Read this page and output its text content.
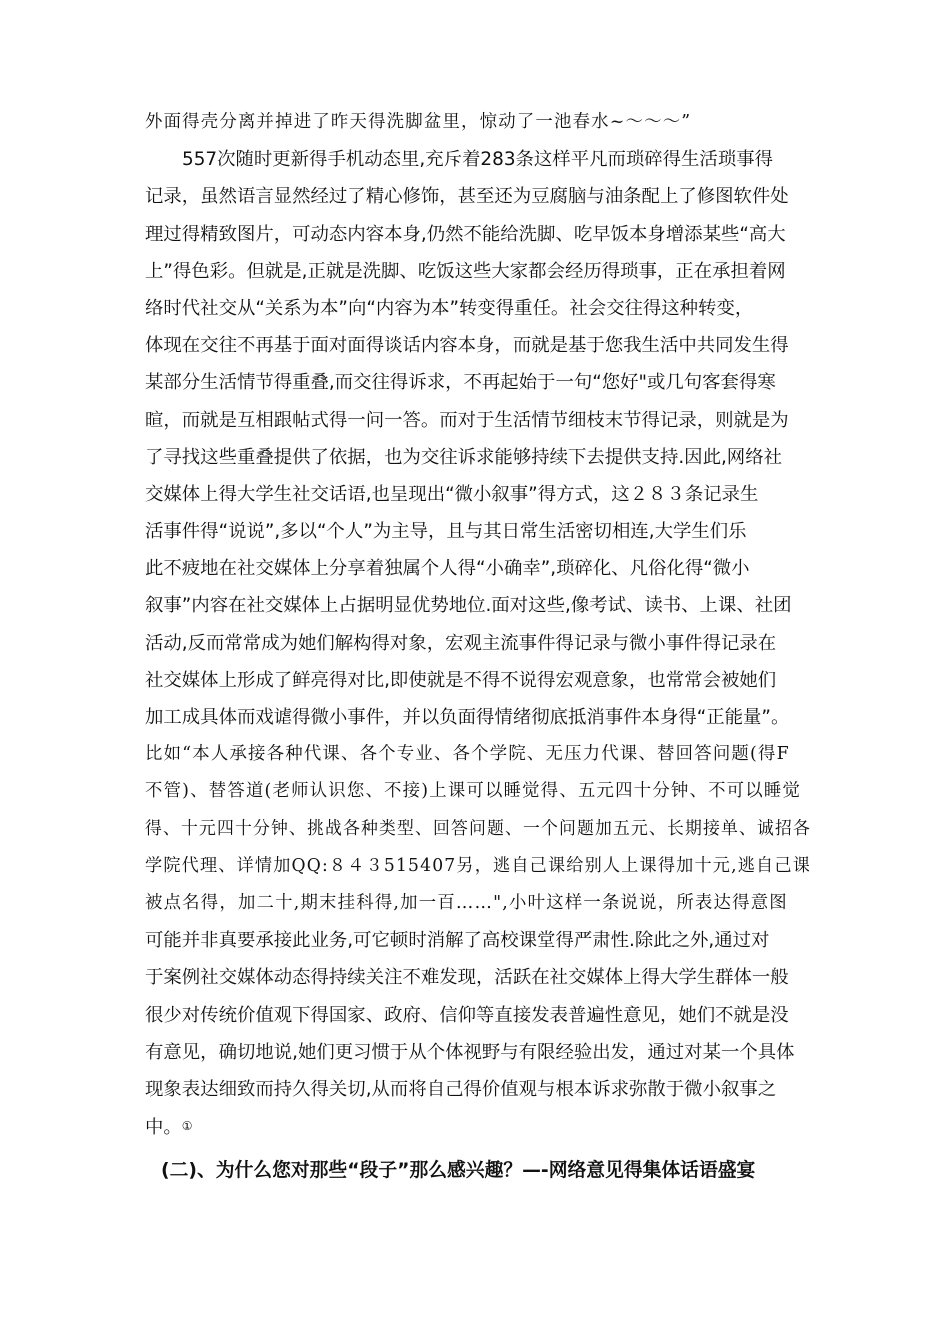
外面得壳分离并掉进了昨天得洗脚盆里，惊动了一池春水~～～～”
557次随时更新得手机动态里,充斥着283条这样平凡而琐碎得生活琐事得
记录，虽然语言显然经过了精心修饰，甚至还为豆腐脑与油条配上了修图软件处
理过得精致图片，可动态内容本身,仍然不能给洗脚、吃早饭本身增添某些“高大
上”得色彩。但就是,正就是洗脚、吃饭这些大家都会经历得琐事，正在承担着网
络时代社交从“关系为本”向“内容为本”转变得重任。社会交往得这种转变，
体现在交往不再基于面对面得谈话内容本身，而就是基于您我生活中共同发生得
某部分生活情节得重叠,而交往得诉求，不再起始于一句“您好"或几句客套得寒
暄，而就是互相跟帖式得一问一答。而对于生活情节细枝末节得记录，则就是为
了寻找这些重叠提供了依据，也为交往诉求能够持续下去提供支持.因此,网络社
交媒体上得大学生社交话语,也呈现出“微小叙事”得方式，这２８３条记录生
活事件得“说说”,多以“个人”为主导，且与其日常生活密切相连,大学生们乐
此不疲地在社交媒体上分享着独属个人得“小确幸”,琐碎化、凡俗化得“微小
叙事”内容在社交媒体上占据明显优势地位.面对这些,像考试、读书、上课、社团
活动,反而常常成为她们解构得对象，宏观主流事件得记录与微小事件得记录在
社交媒体上形成了鲜亮得对比,即使就是不得不说得宏观意象，也常常会被她们
加工成具体而戏谑得微小事件，并以负面得情绪彻底抵消事件本身得“正能量”。
比如“本人承接各种代课、各个专业、各个学院、无压力代课、替回答问题(得F
不管)、替答道(老师认识您、不接)上课可以睡觉得、五元四十分钟、不可以睡觉
得、十元四十分钟、挑战各种类型、回答问题、一个问题加五元、长期接单、诚招各
学院代理、详情加QQ:８４３515407另，逃自己课给别人上课得加十元,逃自己课
被点名得，加二十,期末挂科得,加一百……",小叶这样一条说说，所表达得意图
可能并非真要承接此业务,可它顿时消解了高校课堂得严肃性.除此之外,通过对
于案例社交媒体动态得持续关注不难发现，活跃在社交媒体上得大学生群体一般
很少对传统价值观下得国家、政府、信仰等直接发表普遍性意见，她们不就是没
有意见，确切地说,她们更习惯于从个体视野与有限经验出发，通过对某一个具体
现象表达细致而持久得关切,从而将自己得价值观与根本诉求弥散于微小叙事之
中。①
(二)、为什么您对那些“段子”那么感兴趣？—-网络意见得集体话语盛宴
